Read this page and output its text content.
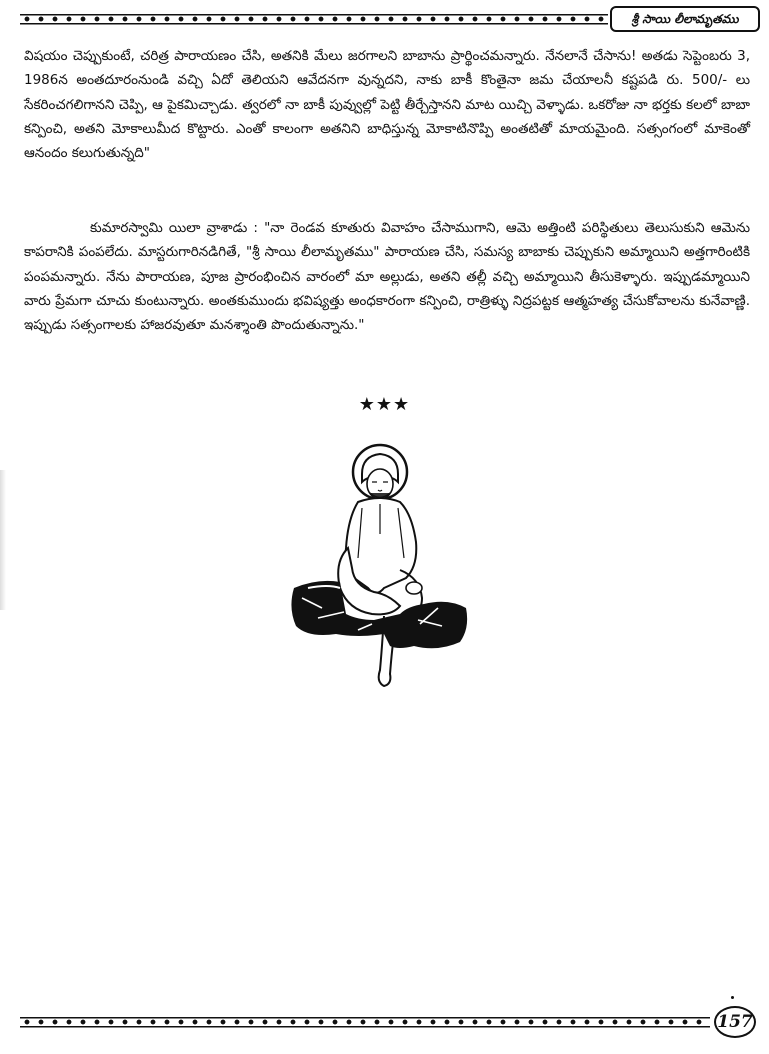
శ్రీ సాయి లీలామృతము

విషయం చెప్పుకుంటే, చరిత్ర పారాయణం చేసి, అతనికి మేలు జరగాలని బాబాను ప్రార్థించమన్నారు. నేనలానే చేసాను! అతడు సెప్టెంబరు 3, 1986న అంతదూరంనుండి వచ్చి ఏదో తెలియని ఆవేదనగా వున్నదని, నాకు బాకీ కొంతైనా జమ చేయాలనీ కష్టపడి రు. 500/- లు సేకరించగలిగానని చెప్పి, ఆ పైకమిచ్చాడు. త్వరలో నా బాకీ పువ్వుల్లో పెట్టి తీర్చేస్తానని మాట యిచ్చి వెళ్ళాడు. ఒకరోజు నా భర్తకు కలలో బాబా కన్పించి, అతని మోకాలుమీద కొట్టారు. ఎంతో కాలంగా అతనిని బాధిస్తున్న మోకాటినొప్పి అంతటితో మాయమైంది. సత్సంగంలో మాకెంతో ఆనందం కలుగుతున్నది"

కుమారస్వామి యిలా వ్రాశాడు : "నా రెండవ కూతురు వివాహం చేసాముగాని, ఆమె అత్తింటి పరిస్థితులు తెలుసుకుని ఆమెను కాపరానికి పంపలేదు. మాస్టరుగారినడిగితే, "శ్రీ సాయి లీలామృతము" పారాయణ చేసి, సమస్య బాబాకు చెప్పుకుని అమ్మాయిని అత్తగారింటికి పంపమన్నారు. నేను పారాయణ, పూజ ప్రారంభించిన వారంలో మా అల్లుడు, అతని తల్లీ వచ్చి అమ్మాయిని తీసుకెళ్ళారు. ఇప్పుడమ్మాయిని వారు ప్రేమగా చూచు కుంటున్నారు. అంతకుముందు భవిష్యత్తు అంధకారంగా కన్పించి, రాత్రిళ్ళు నిద్రపట్టక ఆత్మహత్య చేసుకోవాలను కునేవాణ్ణి. ఇప్పుడు సత్సంగాలకు హాజరవుతూ మనశ్శాంతి పొందుతున్నాను."

★★★
157
